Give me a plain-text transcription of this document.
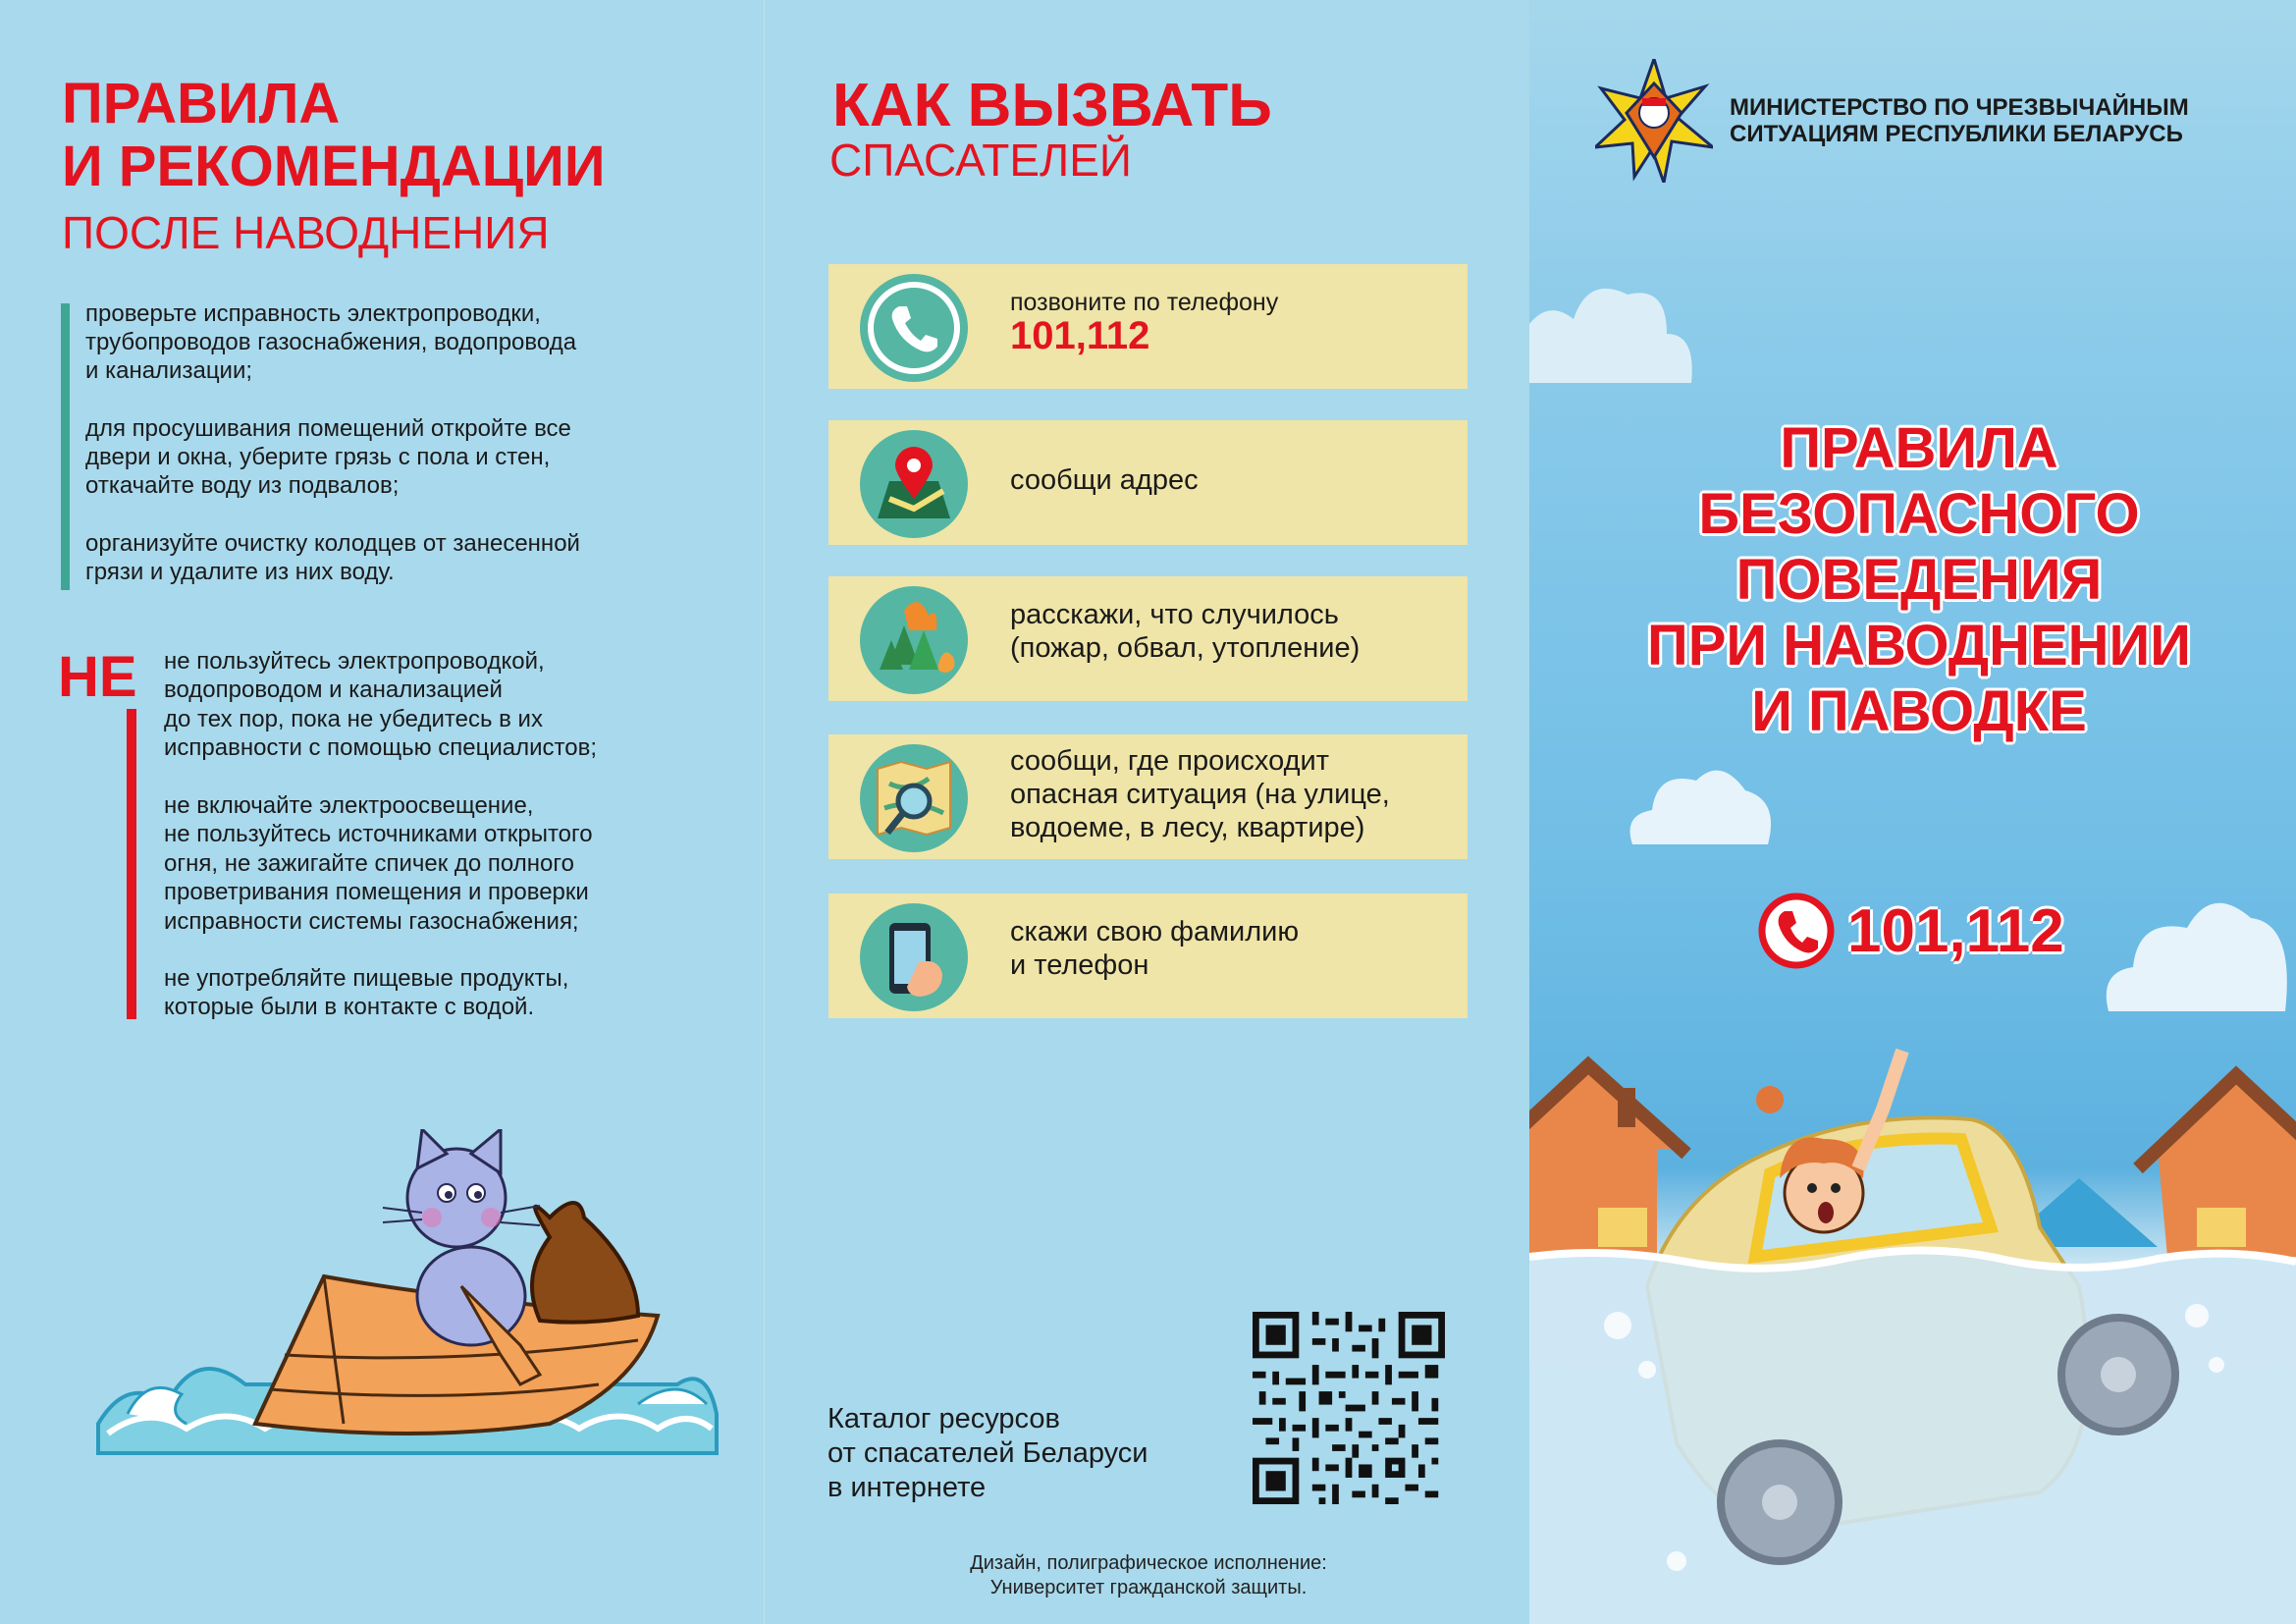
ПРАВИЛА
И РЕКОМЕНДАЦИИ
ПОСЛЕ НАВОДНЕНИЯ
проверьте исправность электропроводки,
трубопроводов газоснабжения, водопровода
и канализации;
для просушивания помещений откройте все
двери и окна, уберите грязь с пола и стен,
откачайте воду из подвалов;
организуйте очистку колодцев от занесенной
грязи и удалите из них воду.
НЕ не пользуйтесь электропроводкой,
водопроводом и канализацией
до тех пор, пока не убедитесь в их
исправности с помощью специалистов;
не включайте электроосвещение,
не пользуйтесь источниками открытого
огня, не зажигайте спичек до полного
проветривания помещения и проверки
исправности системы газоснабжения;
не употребляйте пищевые продукты,
которые были в контакте с водой.
КАК ВЫЗВАТЬ
СПАСАТЕЛЕЙ
позвоните по телефону
101,112
сообщи адрес
расскажи, что случилось
(пожар, обвал, утопление)
сообщи, где происходит
опасная ситуация (на улице,
водоеме, в лесу, квартире)
скажи свою фамилию
и телефон
Каталог ресурсов
от спасателей Беларуси
в интернете
Дизайн, полиграфическое исполнение:
Университет гражданской защиты.
МИНИСТЕРСТВО ПО ЧРЕЗВЫЧАЙНЫМ
СИТУАЦИЯМ РЕСПУБЛИКИ БЕЛАРУСЬ
ПРАВИЛА
БЕЗОПАСНОГО
ПОВЕДЕНИЯ
ПРИ НАВОДНЕНИИ
И ПАВОДКЕ
101,112
